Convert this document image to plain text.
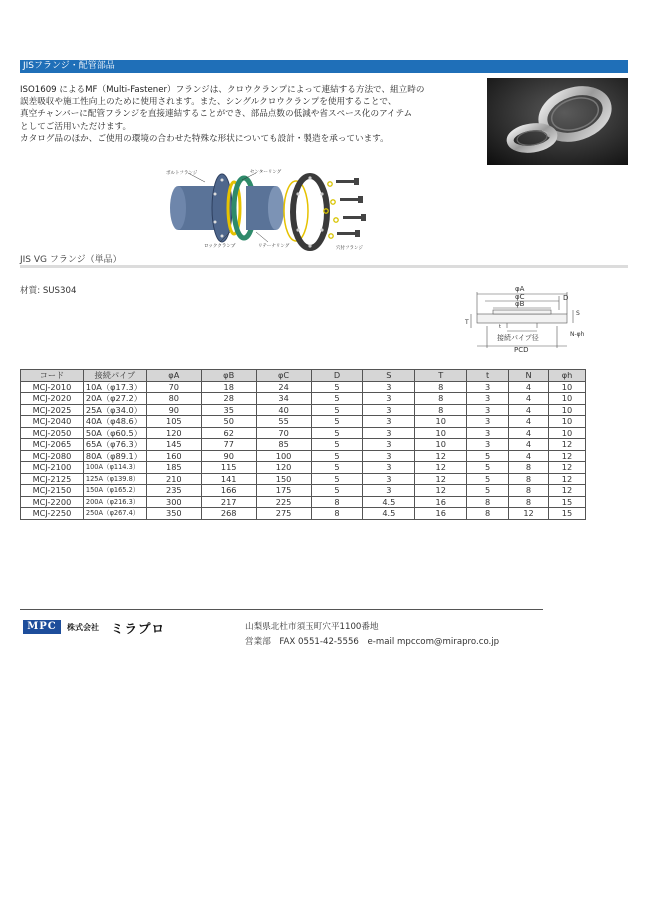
JISフランジ・配管部品
ISO1609 によるMF（Multi-Fastener）フランジは、クロウクランプによって連結する方法で、組立時の
誤差吸収や施工性向上のために使用されます。また、シングルクロウクランプを使用することで、
真空チャンバーに配管フランジを直接連結することができ、部品点数の低減や省スペース化のアイテム
としてご活用いただけます。
カタログ品のほか、ご使用の環境の合わせた特殊な形状についても設計・製造を承っています。
ボルトフランジ	センターリング
ロッククランプ	リテーナリング	穴付フランジ
JIS VG フランジ（単品）
材質: SUS304	φA
φC	D
φB
S
T
t
N-φh
接続パイプ径
PCD
コード	接続パイプ	φA	φB	φC	D	S	T	t	N	φh
MCJ-2010	10A（φ17.3）	70	18	24	5	3	8	3	4	10
MCJ-2020	20A（φ27.2）	80	28	34	5	3	8	3	4	10
MCJ-2025	25A（φ34.0）	90	35	40	5	3	8	3	4	10
MCJ-2040	40A（φ48.6）	105	50	55	5	3	10	3	4	10
MCJ-2050	50A（φ60.5）	120	62	70	5	3	10	3	4	10
MCJ-2065	65A（φ76.3）	145	77	85	5	3	10	3	4	12
MCJ-2080	80A（φ89.1）	160	90	100	5	3	12	5	4	12
MCJ-2100	100A（φ114.3）	185	115	120	5	3	12	5	8	12
MCJ-2125	125A（φ139.8）	210	141	150	5	3	12	5	8	12
MCJ-2150	150A（φ165.2）	235	166	175	5	3	12	5	8	12
MCJ-2200	200A（φ216.3）	300	217	225	8	4.5	16	8	8	15
MCJ-2250	250A（φ267.4）	350	268	275	8	4.5	16	8	12	15
MPC	株式会社 ミラプロ	山梨県北杜市須玉町穴平1100番地
営業部　FAX 0551-42-5556　e-mail mpccom@mirapro.co.jp
